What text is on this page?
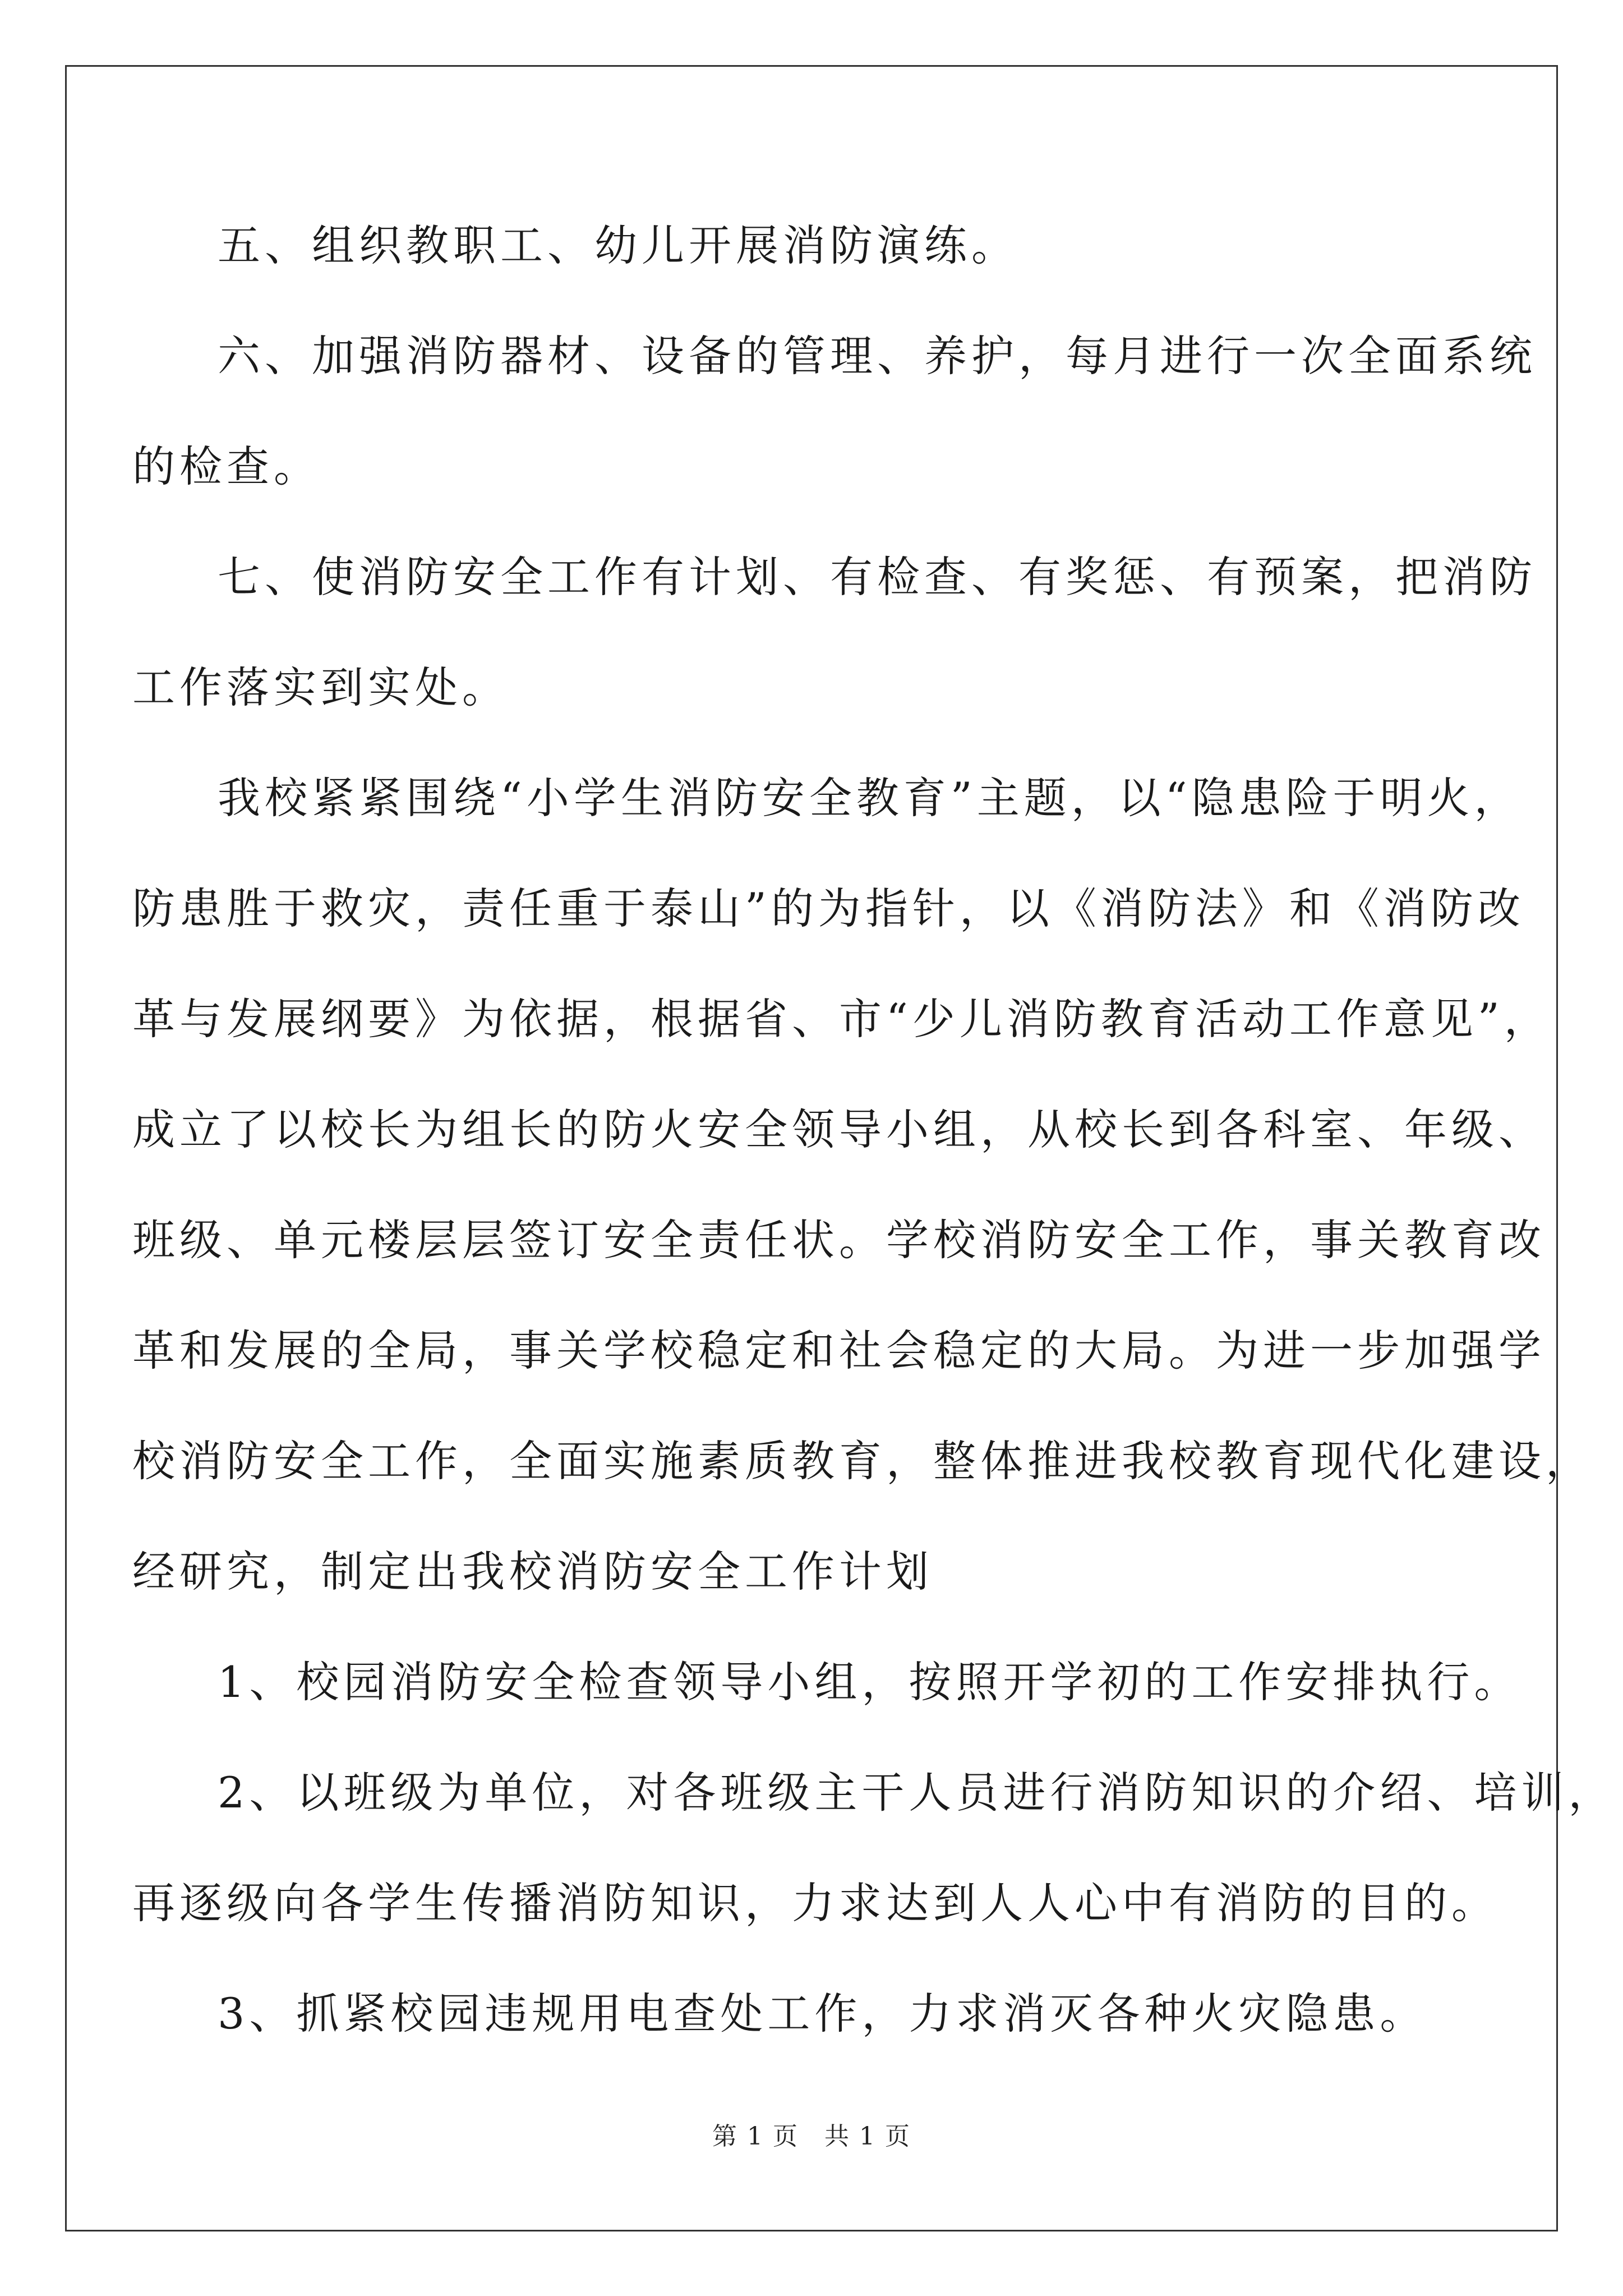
五、组织教职工、幼儿开展消防演练。
六、加强消防器材、设备的管理、养护，每月进行一次全面系统
的检查。
七、使消防安全工作有计划、有检查、有奖惩、有预案，把消防
工作落实到实处。
我校紧紧围绕“小学生消防安全教育”主题，以“隐患险于明火，
防患胜于救灾，责任重于泰山”的为指针，以《消防法》和《消防改
革与发展纲要》为依据，根据省、市“少儿消防教育活动工作意见”，
成立了以校长为组长的防火安全领导小组，从校长到各科室、年级、
班级、单元楼层层签订安全责任状。学校消防安全工作，事关教育改
革和发展的全局，事关学校稳定和社会稳定的大局。为进一步加强学
校消防安全工作，全面实施素质教育，整体推进我校教育现代化建设，
经研究，制定出我校消防安全工作计划
1、校园消防安全检查领导小组，按照开学初的工作安排执行。
2、以班级为单位，对各班级主干人员进行消防知识的介绍、培训，
再逐级向各学生传播消防知识，力求达到人人心中有消防的目的。
3、抓紧校园违规用电查处工作，力求消灭各种火灾隐患。
第 1 页　共 1 页
